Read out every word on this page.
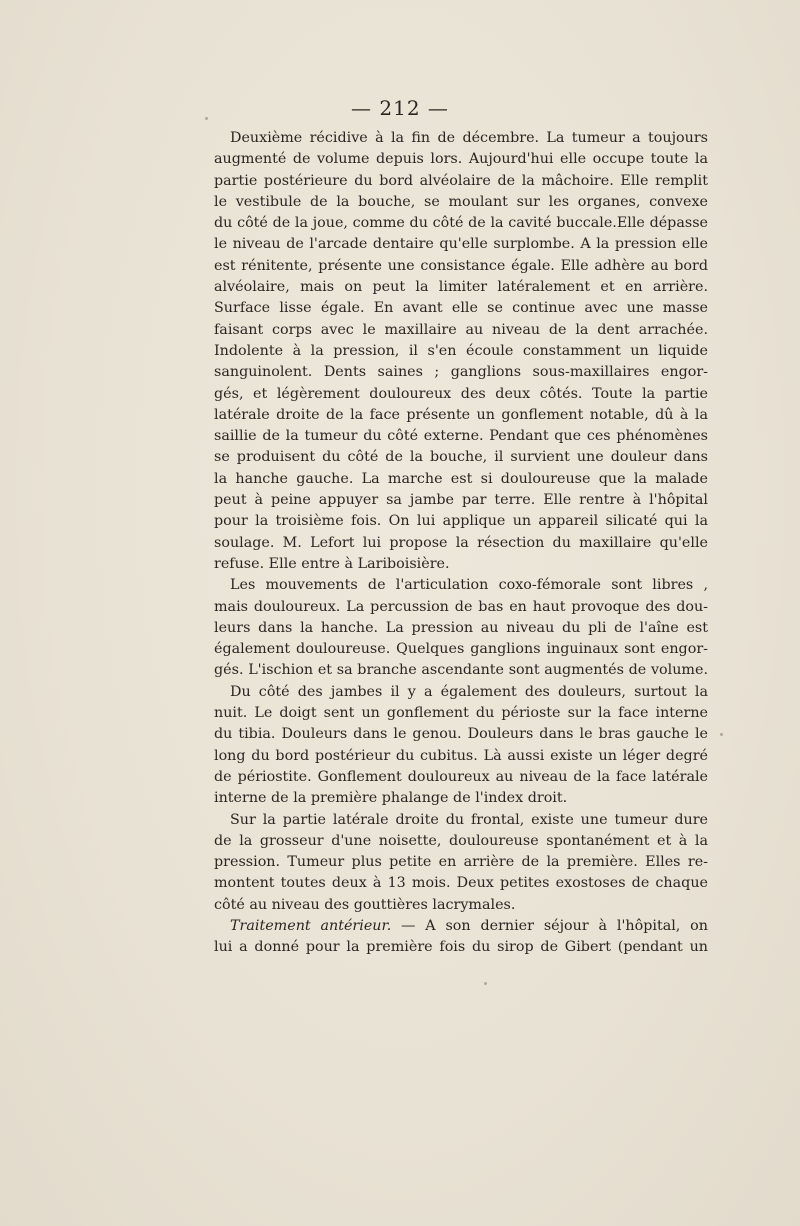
— 212 —
Deuxième récidive à la fin de décembre. La tumeur a toujours
augmenté de volume depuis lors. Aujourd'hui elle occupe toute la
partie postérieure du bord alvéolaire de la mâchoire. Elle remplit
le vestibule de la bouche, se moulant sur les organes, convexe
du côté de la joue, comme du côté de la cavité buccale.Elle dépasse
le niveau de l'arcade dentaire qu'elle surplombe. A la pression elle
est rénitente, présente une consistance égale. Elle adhère au bord
alvéolaire, mais on peut la limiter latéralement et en arrière.
Surface lisse égale. En avant elle se continue avec une masse
faisant corps avec le maxillaire au niveau de la dent arrachée.
Indolente à la pression, il s'en écoule constamment un liquide
sanguinolent. Dents saines ; ganglions sous-maxillaires engor-
gés, et légèrement douloureux des deux côtés. Toute la partie
latérale droite de la face présente un gonflement notable, dû à la
saillie de la tumeur du côté externe. Pendant que ces phénomènes
se produisent du côté de la bouche, il survient une douleur dans
la hanche gauche. La marche est si douloureuse que la malade
peut à peine appuyer sa jambe par terre. Elle rentre à l'hôpital
pour la troisième fois. On lui applique un appareil silicaté qui la
soulage. M. Lefort lui propose la résection du maxillaire qu'elle
refuse. Elle entre à Lariboisière.
Les mouvements de l'articulation coxo-fémorale sont libres ,
mais douloureux. La percussion de bas en haut provoque des dou-
leurs dans la hanche. La pression au niveau du pli de l'aîne est
également douloureuse. Quelques ganglions inguinaux sont engor-
gés. L'ischion et sa branche ascendante sont augmentés de volume.
Du côté des jambes il y a également des douleurs, surtout la
nuit. Le doigt sent un gonflement du périoste sur la face interne
du tibia. Douleurs dans le genou. Douleurs dans le bras gauche le
long du bord postérieur du cubitus. Là aussi existe un léger degré
de périostite. Gonflement douloureux au niveau de la face latérale
interne de la première phalange de l'index droit.
Sur la partie latérale droite du frontal, existe une tumeur dure
de la grosseur d'une noisette, douloureuse spontanément et à la
pression. Tumeur plus petite en arrière de la première. Elles re-
montent toutes deux à 13 mois. Deux petites exostoses de chaque
côté au niveau des gouttières lacrymales.
Traitement antérieur. — A son dernier séjour à l'hôpital, on
lui a donné pour la première fois du sirop de Gibert (pendant un
